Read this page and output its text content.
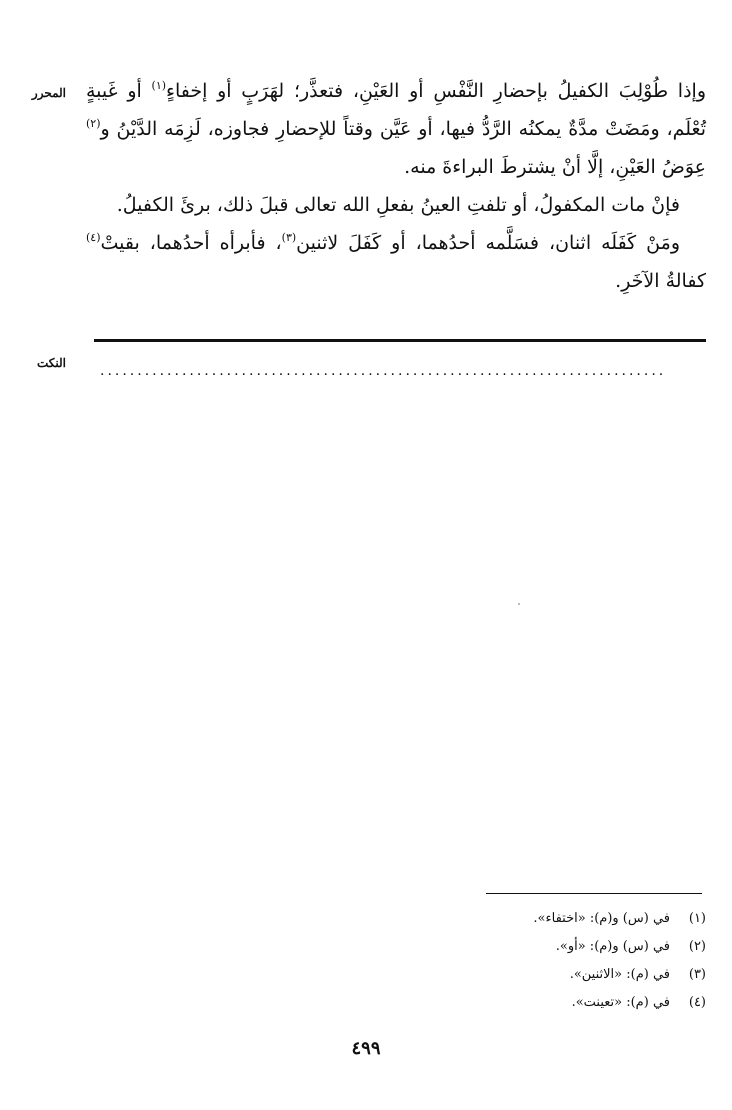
المحرر
النكت

وإذا طُوْلِبَ الكفيلُ بإحضارِ النَّفْسِ أو العَيْنِ، فتعذَّر؛ لهَرَبٍ أو إخفاءٍ$^{(١)}$ أو غَيبةٍ تُعْلَم، ومَضَتْ مدَّةٌ يمكنُه الرَّدُّ فيها، أو عَيَّن وقتاً للإحضارِ فجاوزه، لَزِمَه الدَّيْنُ و$^{(٢)}$ عِوَضُ العَيْنِ، إلَّا أنْ يشترطَ البراءةَ منه.

فإنْ مات المكفولُ، أو تلفتِ العينُ بفعلِ الله تعالى قبلَ ذلك، برئَ الكفيلُ.

ومَنْ كَفَلَه اثنان، فسَلَّمه أحدُهما، أو كَفَلَ لاثنين$^{(٣)}$، فأبرأه أحدُهما، بقيتْ$^{(٤)}$ كفالةُ الآخَرِ.

............................................................................
(١)
في (س) و(م): «اختفاء».
(٢)
في (س) و(م): «أو».
(٣)
في (م): «الاثنين».
(٤)
في (م): «تعينت».
٤٩٩
